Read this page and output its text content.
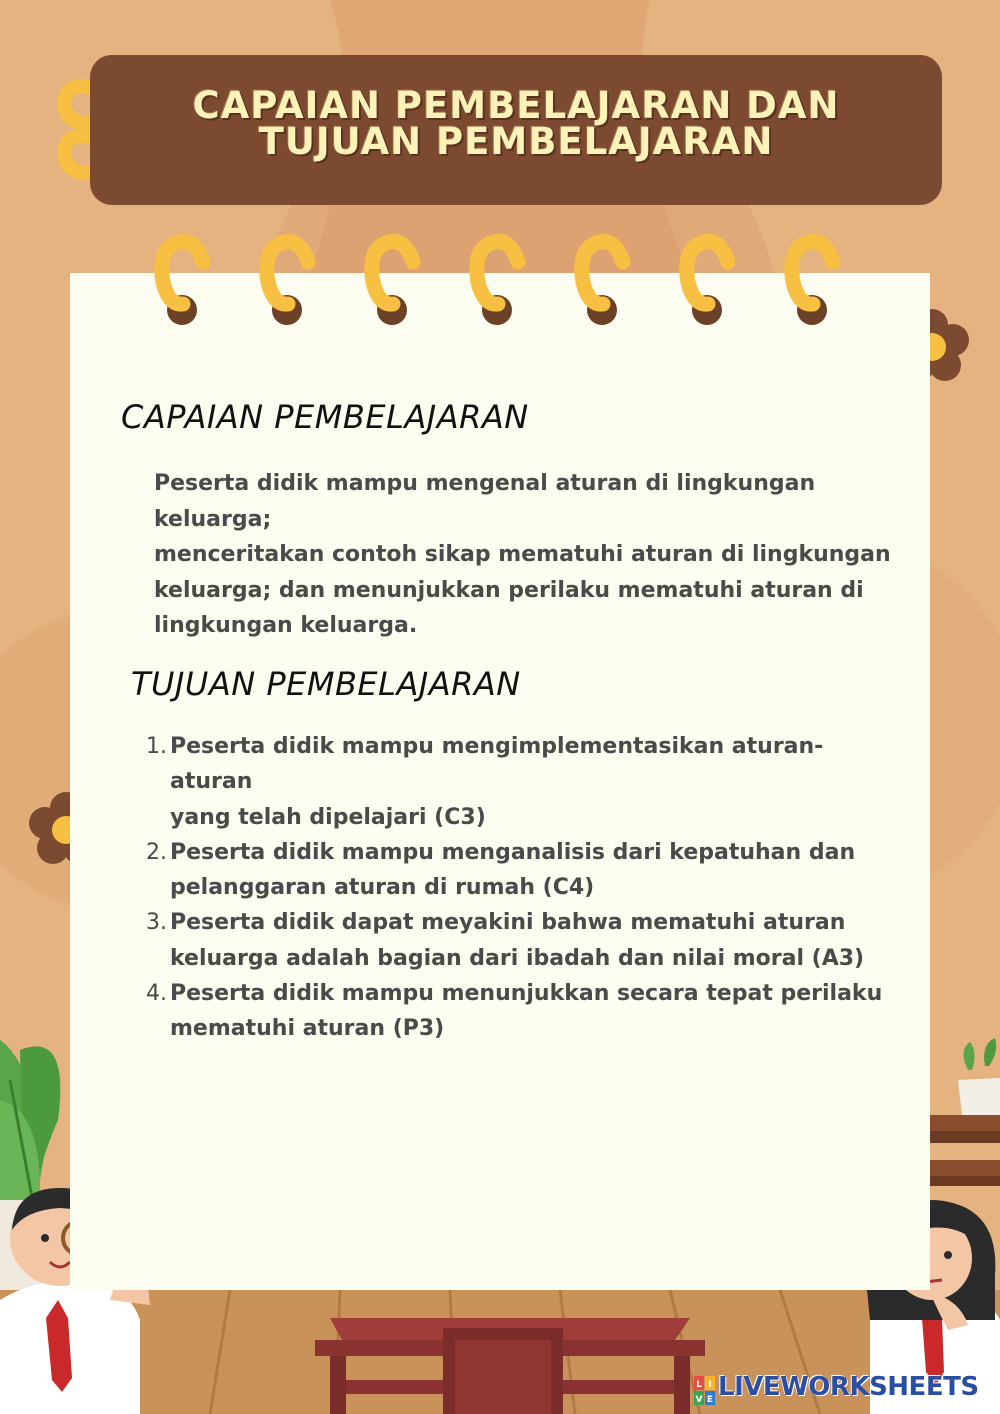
CAPAIAN PEMBELAJARAN DAN
TUJUAN PEMBELAJARAN
CAPAIAN PEMBELAJARAN
Peserta didik mampu mengenal aturan di lingkungan keluarga;
menceritakan contoh sikap mematuhi aturan di lingkungan
keluarga; dan menunjukkan perilaku mematuhi aturan di
lingkungan keluarga.
TUJUAN PEMBELAJARAN
1. Peserta didik mampu mengimplementasikan aturan-aturan
yang telah dipelajari (C3)
2. Peserta didik mampu menganalisis dari kepatuhan dan
pelanggaran aturan di rumah (C4)
3. Peserta didik dapat meyakini bahwa mematuhi aturan
keluarga adalah bagian dari ibadah dan nilai moral (A3)
4. Peserta didik mampu menunjukkan secara tepat perilaku
mematuhi aturan (P3)
L I
V E LIVEWORKSHEETS
